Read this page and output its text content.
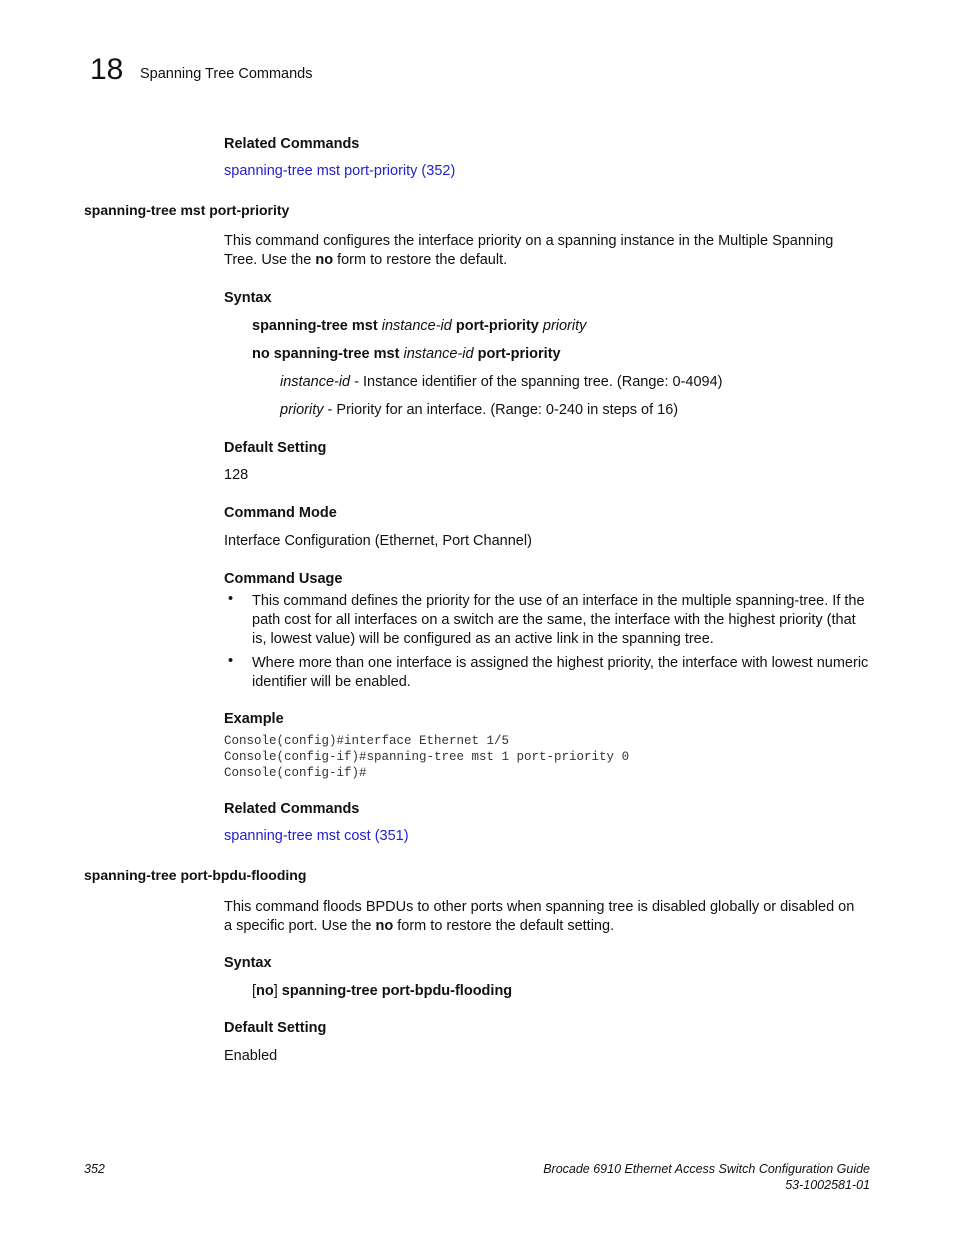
18 Spanning Tree Commands
Related Commands
spanning-tree mst port-priority (352)
spanning-tree mst port-priority
This command configures the interface priority on a spanning instance in the Multiple Spanning Tree. Use the no form to restore the default.
Syntax
spanning-tree mst instance-id port-priority priority
no spanning-tree mst instance-id port-priority
instance-id - Instance identifier of the spanning tree. (Range: 0-4094)
priority - Priority for an interface. (Range: 0-240 in steps of 16)
Default Setting
128
Command Mode
Interface Configuration (Ethernet, Port Channel)
Command Usage
• This command defines the priority for the use of an interface in the multiple spanning-tree. If the path cost for all interfaces on a switch are the same, the interface with the highest priority (that is, lowest value) will be configured as an active link in the spanning tree.
• Where more than one interface is assigned the highest priority, the interface with lowest numeric identifier will be enabled.
Example
Console(config)#interface Ethernet 1/5
Console(config-if)#spanning-tree mst 1 port-priority 0
Console(config-if)#
Related Commands
spanning-tree mst cost (351)
spanning-tree port-bpdu-flooding
This command floods BPDUs to other ports when spanning tree is disabled globally or disabled on a specific port. Use the no form to restore the default setting.
Syntax
[no] spanning-tree port-bpdu-flooding
Default Setting
Enabled
352	Brocade 6910 Ethernet Access Switch Configuration Guide
53-1002581-01
